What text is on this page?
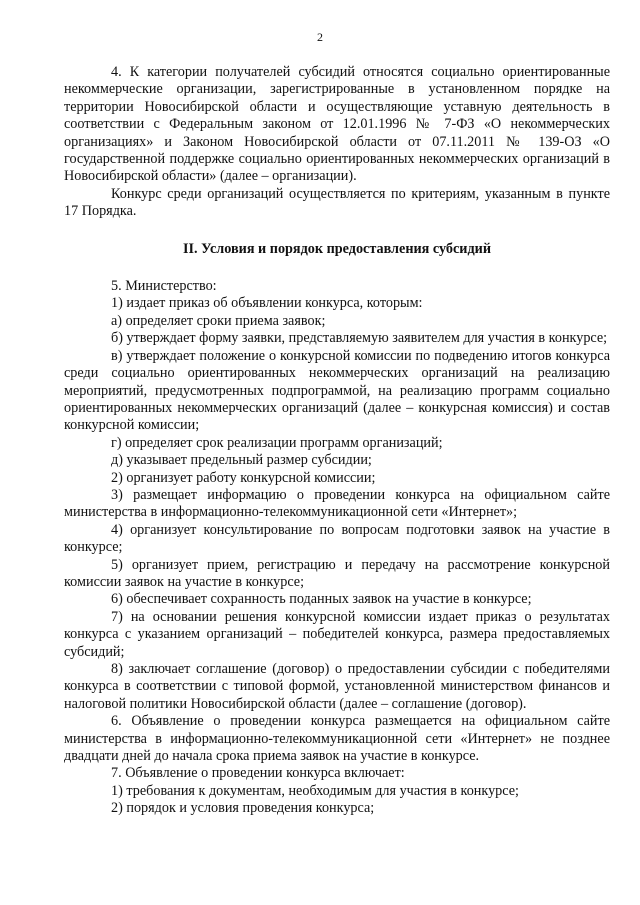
2

4. К категории получателей субсидий относятся социально ориентированные некоммерческие организации, зарегистрированные в установленном порядке на территории Новосибирской области и осуществляющие уставную деятельность в соответствии с Федеральным законом от 12.01.1996 № 7-ФЗ «О некоммерческих организациях» и Законом Новосибирской области от 07.11.2011 № 139-ОЗ «О государственной поддержке социально ориентированных некоммерческих организаций в Новосибирской области» (далее – организации).

Конкурс среди организаций осуществляется по критериям, указанным в пункте 17 Порядка.

II. Условия и порядок предоставления субсидий

5. Министерство:

1) издает приказ об объявлении конкурса, которым:

а) определяет сроки приема заявок;

б) утверждает форму заявки, представляемую заявителем для участия в конкурсе;

в) утверждает положение о конкурсной комиссии по подведению итогов конкурса среди социально ориентированных некоммерческих организаций на реализацию мероприятий, предусмотренных подпрограммой, на реализацию программ социально ориентированных некоммерческих организаций (далее – конкурсная комиссия) и состав конкурсной комиссии;

г) определяет срок реализации программ организаций;

д) указывает предельный размер субсидии;

2) организует работу конкурсной комиссии;

3) размещает информацию о проведении конкурса на официальном сайте министерства в информационно-телекоммуникационной сети «Интернет»;

4) организует консультирование по вопросам подготовки заявок на участие в конкурсе;

5) организует прием, регистрацию и передачу на рассмотрение конкурсной комиссии заявок на участие в конкурсе;

6) обеспечивает сохранность поданных заявок на участие в конкурсе;

7) на основании решения конкурсной комиссии издает приказ о результатах конкурса с указанием организаций – победителей конкурса, размера предоставляемых субсидий;

8) заключает соглашение (договор) о предоставлении субсидии с победителями конкурса в соответствии с типовой формой, установленной министерством финансов и налоговой политики Новосибирской области (далее – соглашение (договор).

6. Объявление о проведении конкурса размещается на официальном сайте министерства в информационно-телекоммуникационной сети «Интернет» не позднее двадцати дней до начала срока приема заявок на участие в конкурсе.

7. Объявление о проведении конкурса включает:

1) требования к документам, необходимым для участия в конкурсе;

2) порядок и условия проведения конкурса;
